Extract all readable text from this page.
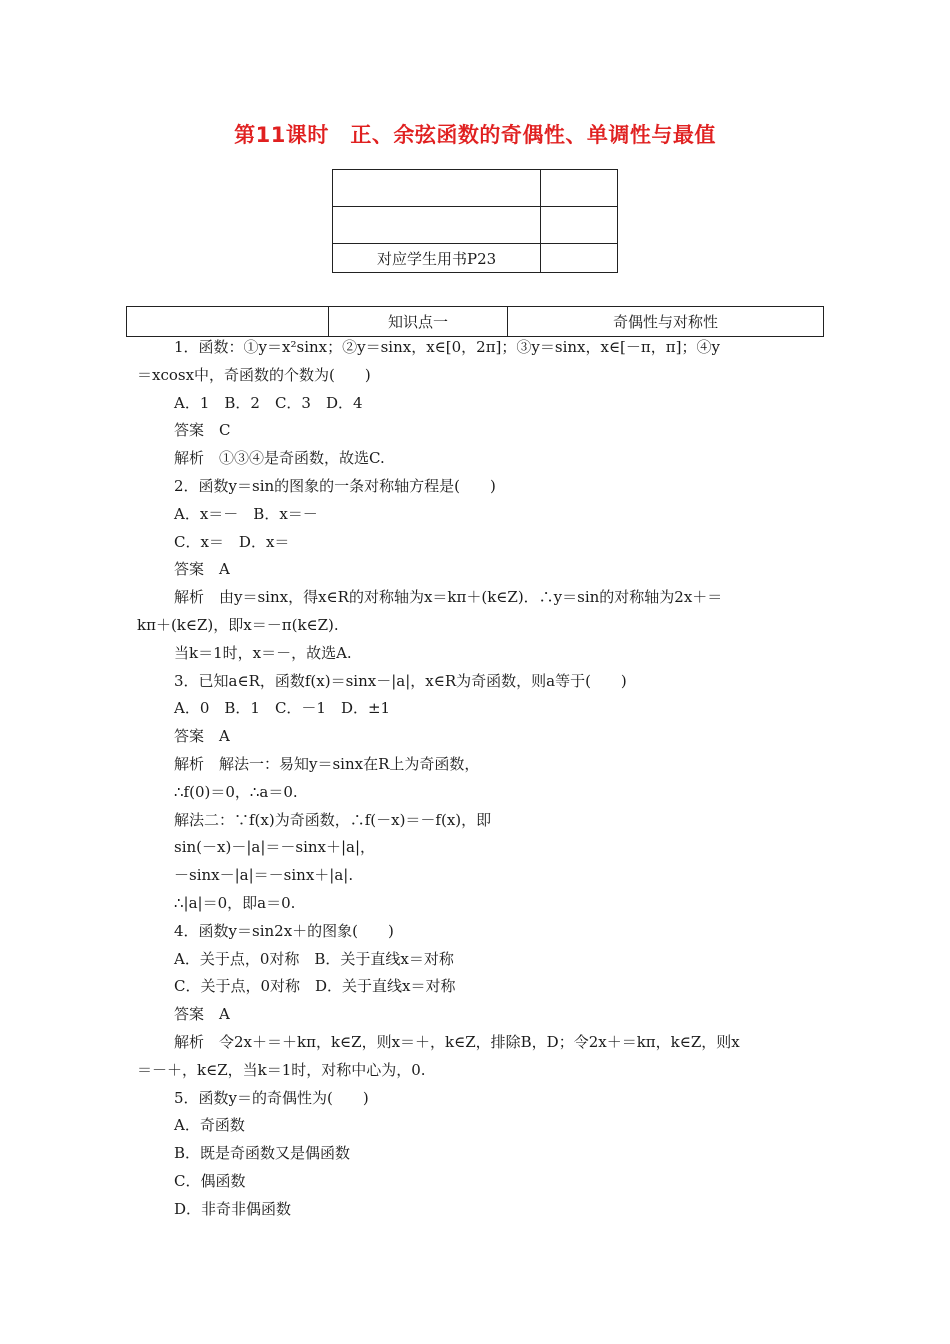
第11课时　正、余弦函数的奇偶性、单调性与最值

对应学生用书P23	
	知识点一	奇偶性与对称性

1．函数：①y＝x²sinx；②y＝sinx，x∈[0，2π]；③y＝sinx，x∈[－π，π]；④y

＝xcosx中，奇函数的个数为(　　)

A．1　B．2　C．3　D．4

答案　C

解析　①③④是奇函数，故选C.

2．函数y＝sin的图象的一条对称轴方程是(　　)

A．x＝－　B．x＝－

C．x＝　D．x＝

答案　A

解析　由y＝sinx，得x∈R的对称轴为x＝kπ＋(k∈Z)．∴y＝sin的对称轴为2x＋＝

kπ＋(k∈Z)，即x＝－π(k∈Z).

当k＝1时，x＝－，故选A.

3．已知a∈R，函数f(x)＝sinx－|a|，x∈R为奇函数，则a等于(　　)

A．0　B．1　C．－1　D．±1

答案　A

解析　解法一：易知y＝sinx在R上为奇函数，

∴f(0)＝0，∴a＝0.

解法二：∵f(x)为奇函数，∴f(－x)＝－f(x)，即

sin(－x)－|a|＝－sinx＋|a|，

－sinx－|a|＝－sinx＋|a|.

∴|a|＝0，即a＝0.

4．函数y＝sin2x＋的图象(　　)

A．关于点，0对称　B．关于直线x＝对称

C．关于点，0对称　D．关于直线x＝对称

答案　A

解析　令2x＋＝＋kπ，k∈Z，则x＝＋，k∈Z，排除B，D；令2x＋＝kπ，k∈Z，则x

＝－＋，k∈Z，当k＝1时，对称中心为，0.

5．函数y＝的奇偶性为(　　)

A．奇函数

B．既是奇函数又是偶函数

C．偶函数

D．非奇非偶函数
